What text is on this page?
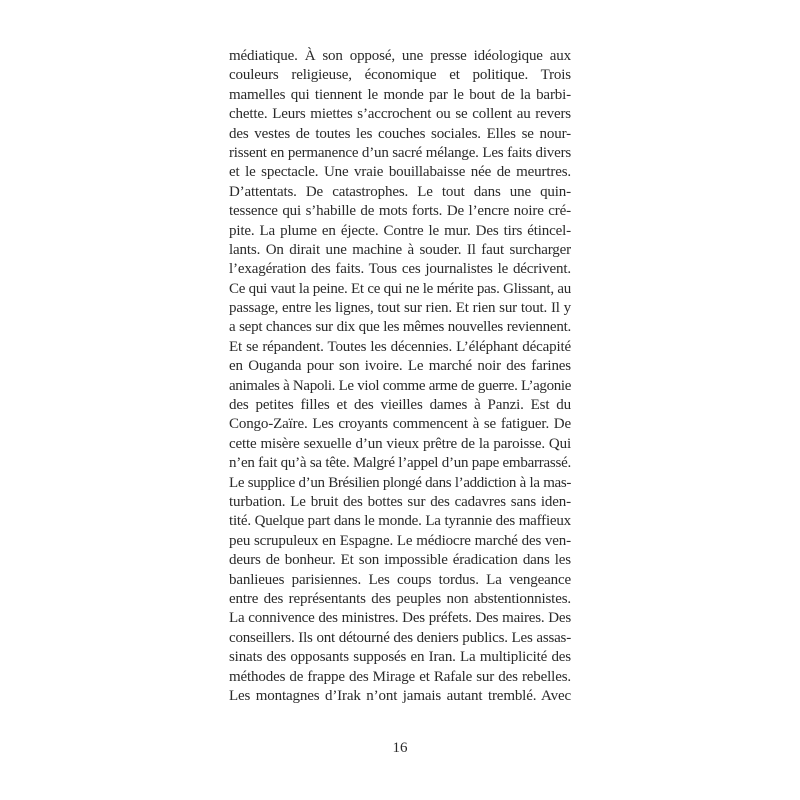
médiatique. À son opposé, une presse idéologique aux
couleurs religieuse, économique et politique. Trois
mamelles qui tiennent le monde par le bout de la barbi-
chette. Leurs miettes s’accrochent ou se collent au revers
des vestes de toutes les couches sociales. Elles se nour-
rissent en permanence d’un sacré mélange. Les faits divers
et le spectacle. Une vraie bouillabaisse née de meurtres.
D’attentats. De catastrophes. Le tout dans une quin-
tessence qui s’habille de mots forts. De l’encre noire cré-
pite. La plume en éjecte. Contre le mur. Des tirs étincel-
lants. On dirait une machine à souder. Il faut surcharger
l’exagération des faits. Tous ces journalistes le décrivent.
Ce qui vaut la peine. Et ce qui ne le mérite pas. Glissant, au
passage, entre les lignes, tout sur rien. Et rien sur tout. Il y
a sept chances sur dix que les mêmes nouvelles reviennent.
Et se répandent. Toutes les décennies. L’éléphant décapité
en Ouganda pour son ivoire. Le marché noir des farines
animales à Napoli. Le viol comme arme de guerre. L’agonie
des petites filles et des vieilles dames à Panzi. Est du
Congo-Zaïre. Les croyants commencent à se fatiguer. De
cette misère sexuelle d’un vieux prêtre de la paroisse. Qui
n’en fait qu’à sa tête. Malgré l’appel d’un pape embarrassé.
Le supplice d’un Brésilien plongé dans l’addiction à la mas-
turbation. Le bruit des bottes sur des cadavres sans iden-
tité. Quelque part dans le monde. La tyrannie des maffieux
peu scrupuleux en Espagne. Le médiocre marché des ven-
deurs de bonheur. Et son impossible éradication dans les
banlieues parisiennes. Les coups tordus. La vengeance
entre des représentants des peuples non abstentionnistes.
La connivence des ministres. Des préfets. Des maires. Des
conseillers. Ils ont détourné des deniers publics. Les assas-
sinats des opposants supposés en Iran. La multiplicité des
méthodes de frappe des Mirage et Rafale sur des rebelles.
Les montagnes d’Irak n’ont jamais autant tremblé. Avec
16
